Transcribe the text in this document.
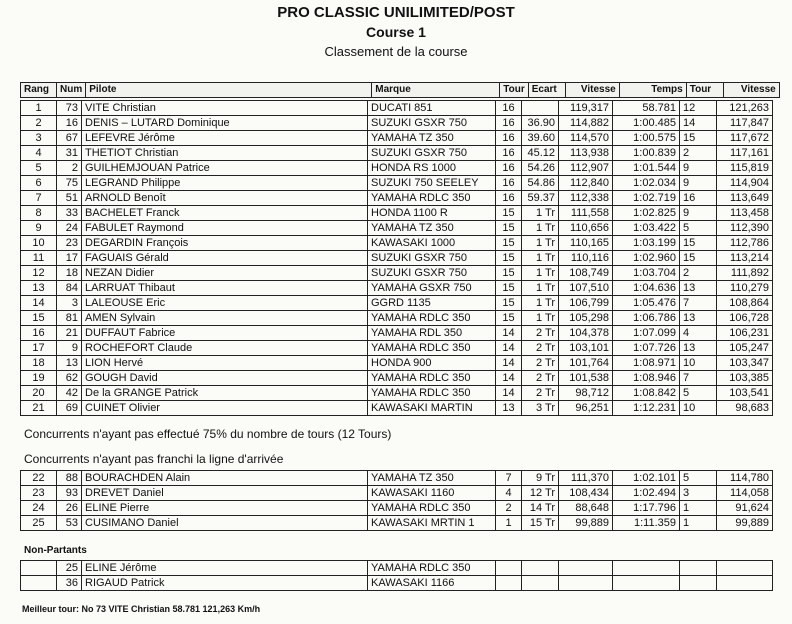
PRO CLASSIC UNILIMITED/POST
Course 1
Classement de la course
Rang	Num	Pilote	Marque	Tour	Ecart	Vitesse	Temps	Tour	Vitesse
1	73	VITE Christian	DUCATI 851	16		119,317	58.781	12	121,263
2	16	DENIS – LUTARD Dominique	SUZUKI GSXR 750	16	36.90	114,882	1:00.485	14	117,847
3	67	LEFEVRE Jérôme	YAMAHA TZ 350	16	39.60	114,570	1:00.575	15	117,672
4	31	THETIOT Christian	SUZUKI GSXR 750	16	45.12	113,938	1:00.839	2	117,161
5	2	GUILHEMJOUAN Patrice	HONDA RS 1000	16	54.26	112,907	1:01.544	9	115,819
6	75	LEGRAND Philippe	SUZUKI 750 SEELEY	16	54.86	112,840	1:02.034	9	114,904
7	51	ARNOLD Benoît	YAMAHA RDLC 350	16	59.37	112,338	1:02.719	16	113,649
8	33	BACHELET Franck	HONDA 1100 R	15	1 Tr	111,558	1:02.825	9	113,458
9	24	FABULET Raymond	YAMAHA TZ 350	15	1 Tr	110,656	1:03.422	5	112,390
10	23	DEGARDIN François	KAWASAKI 1000	15	1 Tr	110,165	1:03.199	15	112,786
11	17	FAGUAIS Gérald	SUZUKI GSXR 750	15	1 Tr	110,116	1:02.960	15	113,214
12	18	NEZAN Didier	SUZUKI GSXR 750	15	1 Tr	108,749	1:03.704	2	111,892
13	84	LARRUAT Thibaut	YAMAHA GSXR 750	15	1 Tr	107,510	1:04.636	13	110,279
14	3	LALEOUSE Eric	GGRD 1135	15	1 Tr	106,799	1:05.476	7	108,864
15	81	AMEN Sylvain	YAMAHA RDLC 350	15	1 Tr	105,298	1:06.786	13	106,728
16	21	DUFFAUT Fabrice	YAMAHA RDL 350	14	2 Tr	104,378	1:07.099	4	106,231
17	9	ROCHEFORT Claude	YAMAHA RDLC 350	14	2 Tr	103,101	1:07.726	13	105,247
18	13	LION Hervé	HONDA 900	14	2 Tr	101,764	1:08.971	10	103,347
19	62	GOUGH David	YAMAHA RDLC 350	14	2 Tr	101,538	1:08.946	7	103,385
20	42	De la GRANGE Patrick	YAMAHA RDLC 350	14	2 Tr	98,712	1:08.842	5	103,541
21	69	CUINET Olivier	KAWASAKI MARTIN	13	3 Tr	96,251	1:12.231	10	98,683
Concurrents n'ayant pas effectué 75% du nombre de tours (12 Tours)
Concurrents n'ayant pas franchi la ligne d'arrivée
22	88	BOURACHDEN Alain	YAMAHA TZ 350	7	9 Tr	111,370	1:02.101	5	114,780
23	93	DREVET Daniel	KAWASAKI 1160	4	12 Tr	108,434	1:02.494	3	114,058
24	26	ELINE Pierre	YAMAHA RDLC 350	2	14 Tr	88,648	1:17.796	1	91,624
25	53	CUSIMANO Daniel	KAWASAKI MRTIN 1	1	15 Tr	99,889	1:11.359	1	99,889
Non-Partants
	25	ELINE Jérôme	YAMAHA RDLC 350						
	36	RIGAUD Patrick	KAWASAKI 1166						
Meilleur tour: No 73 VITE Christian 58.781 121,263 Km/h
